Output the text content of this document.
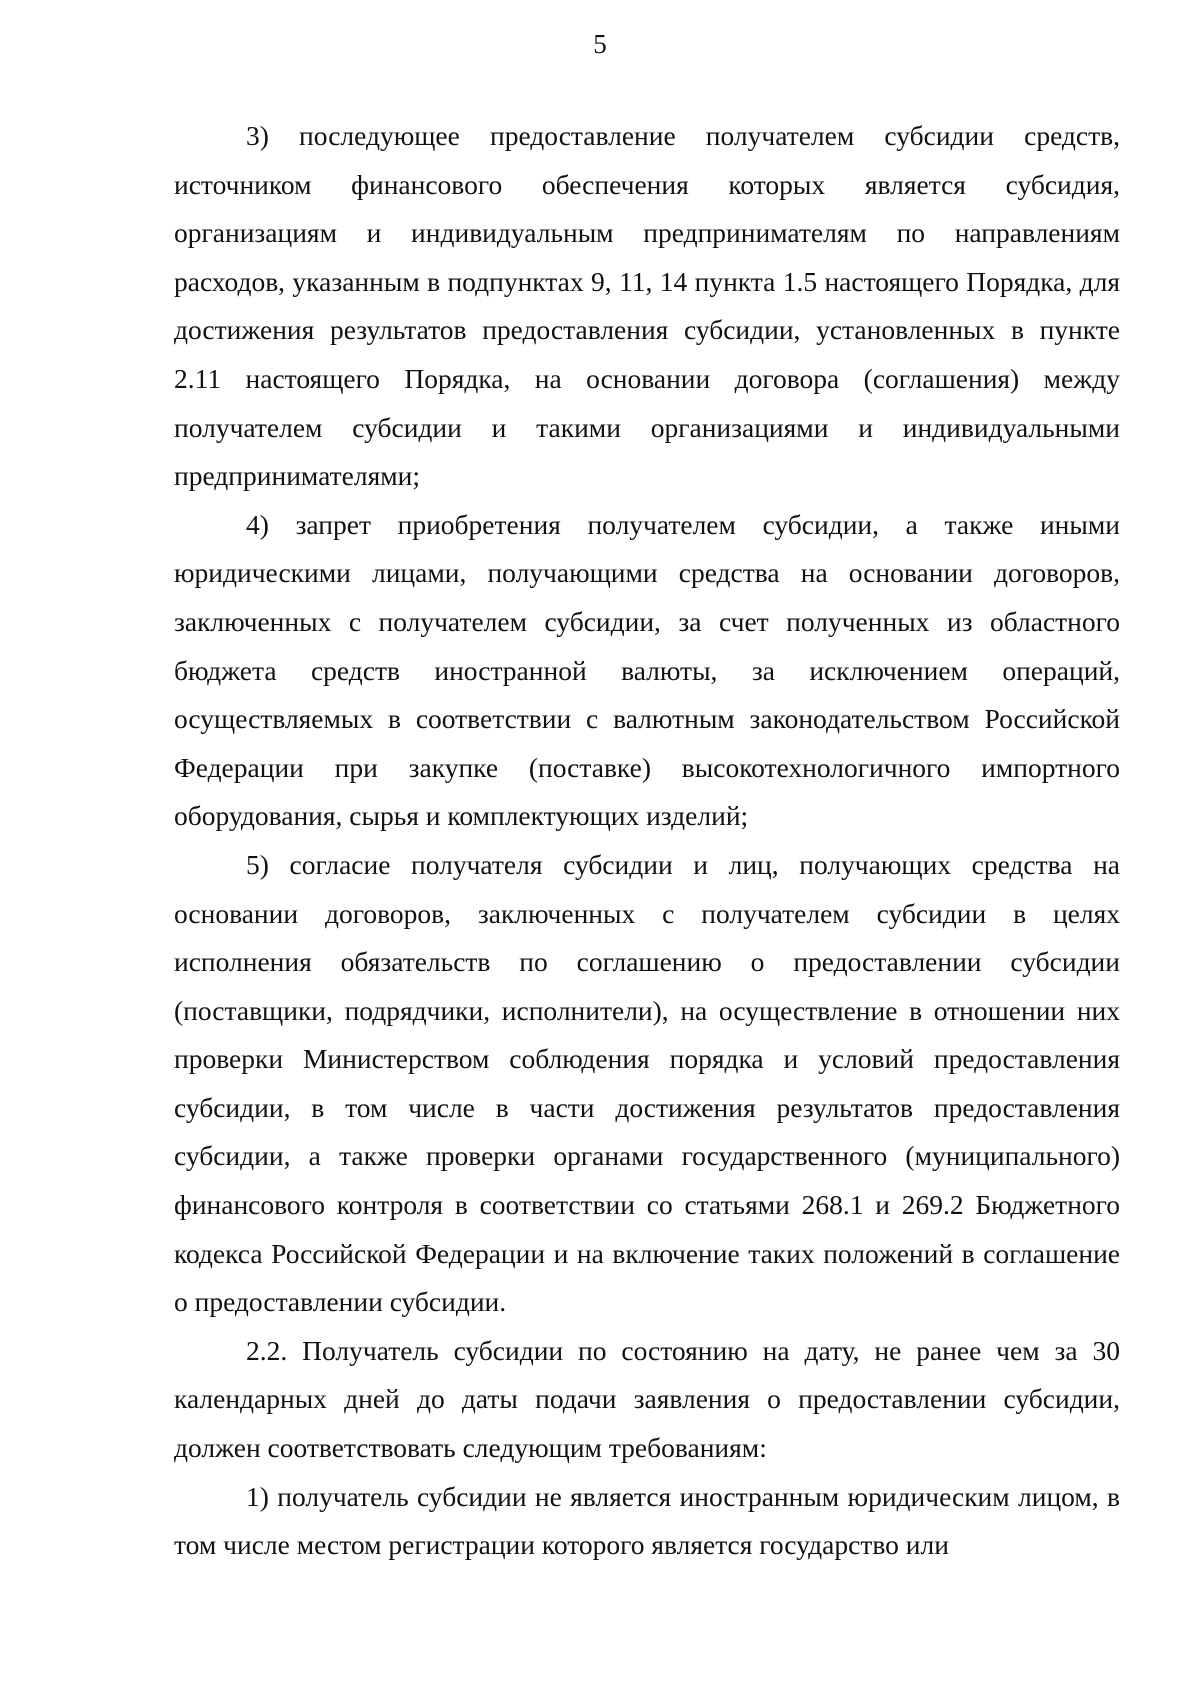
5

3) последующее предоставление получателем субсидии средств, источником финансового обеспечения которых является субсидия, организациям и индивидуальным предпринимателям по направлениям расходов, указанным в подпунктах 9, 11, 14 пункта 1.5 настоящего Порядка, для достижения результатов предоставления субсидии, установленных в пункте 2.11 настоящего Порядка, на основании договора (соглашения) между получателем субсидии и такими организациями и индивидуальными предпринимателями;

4) запрет приобретения получателем субсидии, а также иными юридическими лицами, получающими средства на основании договоров, заключенных с получателем субсидии, за счет полученных из областного бюджета средств иностранной валюты, за исключением операций, осуществляемых в соответствии с валютным законодательством Российской Федерации при закупке (поставке) высокотехнологичного импортного оборудования, сырья и комплектующих изделий;

5) согласие получателя субсидии и лиц, получающих средства на основании договоров, заключенных с получателем субсидии в целях исполнения обязательств по соглашению о предоставлении субсидии (поставщики, подрядчики, исполнители), на осуществление в отношении них проверки Министерством соблюдения порядка и условий предоставления субсидии, в том числе в части достижения результатов предоставления субсидии, а также проверки органами государственного (муниципального) финансового контроля в соответствии со статьями 268.1 и 269.2 Бюджетного кодекса Российской Федерации и на включение таких положений в соглашение о предоставлении субсидии.

2.2. Получатель субсидии по состоянию на дату, не ранее чем за 30 календарных дней до даты подачи заявления о предоставлении субсидии, должен соответствовать следующим требованиям:

1) получатель субсидии не является иностранным юридическим лицом, в том числе местом регистрации которого является государство или
